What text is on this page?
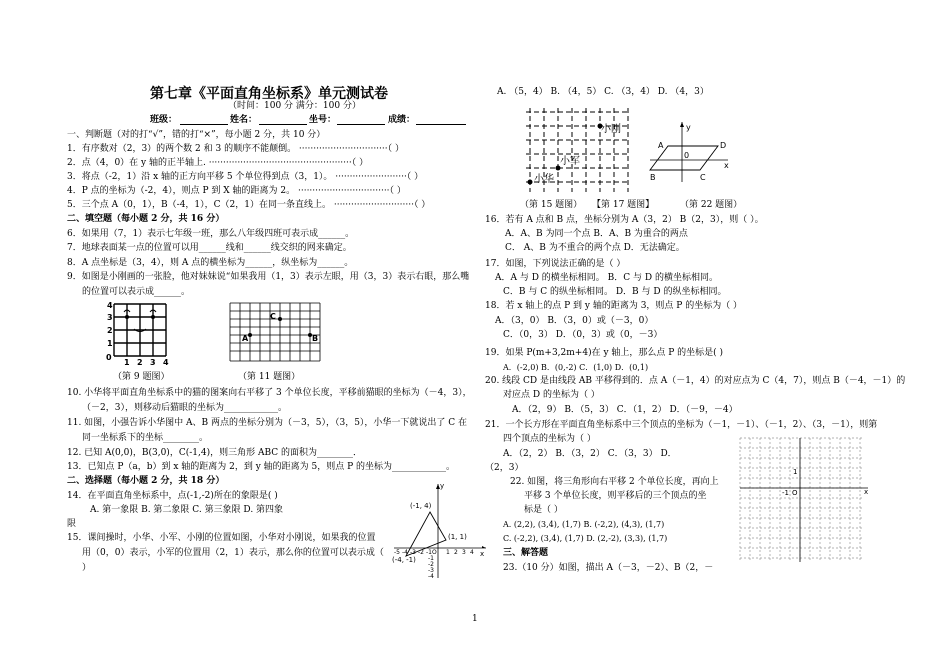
第七章《平面直角坐标系》单元测试卷
（时间：100 分 满分：100 分）
班级：	姓名：	坐号：	成绩：
一、判断题（对的打“√”，错的打“×”，每小题 2 分，共 10 分）
1．有序数对（2，3）的两个数 2 和 3 的顺序不能颠倒。 ·······························（ ）
2．点（4，0）在 y 轴的正半轴上. ··················································（ ）
3．将点（-2，1）沿 x 轴的正方向平移 5 个单位得到点（3，1）。 ·························（ ）
4．P 点的坐标为（-2，4），则点 P 到 X 轴的距离为 2。 ································（ ）
5．三个点 A（0，1），B（-4，1），C（2，1）在同一条直线上。 ····························（ ）
二、填空题（每小题 2 分，共 16 分）
6．如果用（7，1）表示七年级一班，那么八年级四班可表示成______。
7．地球表面某一点的位置可以用______线和______线交织的网来确定。
8．A 点坐标是（3，4），则 A 点的横坐标为______，纵坐标为______。
9．如图是小刚画的一张脸，他对妹妹说“如果我用（1，3）表示左眼，用（3，3）表示右眼，那么嘴
的位置可以表示成______。
0
1 2 3 4
1
2
3
4
（第 9 题图）
A	B
C
（第 11 题图）
10. 小华将平面直角坐标系中的猫的图案向右平移了 3 个单位长度，平移前猫眼的坐标为（－4，3），
（－2，3），则移动后猫眼的坐标为____________。
11. 如图，小强告诉小华图中 A、B 两点的坐标分别为（－3，5），（3，5），小华一下就说出了 C 在
同一坐标系下的坐标________。
12. 已知 A(0,0)，B(3,0)，C(-1,4)，则三角形 ABC 的面积为________．
13．已知点 P（a，b）到 x 轴的距离为 2，到 y 轴的距离为 5，则点 P 的坐标为____________。
二、选择题（每小题 2 分，共 18 分）
14．在平面直角坐标系中，点(-1,-2)所在的象限是( )
A. 第一象限 B. 第二象限 C. 第三象限 D. 第四象
限
15．课间操时，小华、小军、小刚的位置如图，小华对小刚说，如果我的位置
用（0，0）表示，小军的位置用（2，1）表示，那么你的位置可以表示成（
）
y
x
(-1, 4)
(1, 1)
(-4, -1)
-5 -4 -3 -2 -1 1 2 3 4
O
-1
-2
-3
-4
A. （5，4） B. （4，5） C. （3，4） D. （4，3）
小刚
小军
小华
y
x
A	D
B	C
0
（第 15 题图） 【第 17 题图】	（第 22 题图）
16．若有 A 点和 B 点，坐标分别为 A（3，2） B（2，3），则（ ）。
A．A、B 为同一个点 B．A、B 为重合的两点
C． A、B 为不重合的两个点 D．无法确定。
17．如图，下列说法正确的是（ ）
A．A 与 D 的横坐标相同。 B．C 与 D 的横坐标相同。
C．B 与 C 的纵坐标相同。 D．B 与 D 的纵坐标相同。
18．若 x 轴上的点 P 到 y 轴的距离为 3，则点 P 的坐标为（ ）
A．（3，0） B．（3，0）或（－3，0）
C．（0，3） D．（0，3）或（0，－3）
19．如果 P(m+3,2m+4)在 y 轴上，那么点 P 的坐标是( )
A．(-2,0) B．(0,-2) C．(1,0) D．(0,1)
20. 线段 CD 是由线段 AB 平移得到的．点 A（－1，4）的对应点为 C（4，7），则点 B（－4，－1）的
对应点 D 的坐标为（ ）
A．（2，9） B．（5，3） C．（1，2） D．（－9，－4）
21．一个长方形在平面直角坐标系中三个顶点的坐标为（－1，－1）、（－1，2）、（3，－1），则第
四个顶点的坐标为（ ）
A．（2，2） B．（3，2） C．（3，3） D．
（2，3）
22. 如图，将三角形向右平移 2 个单位长度，再向上
平移 3 个单位长度，则平移后的三个顶点的坐
标是（ ）
A. (2,2), (3,4), (1,7) B. (-2,2), (4,3), (1,7)
C. (-2,2), (3,4), (1,7) D. (2,-2), (3,3), (1,7)
三、解答题
23.（10 分）如图，描出 A（－3，－2）、B（2，－
1
O
-1	x
1
